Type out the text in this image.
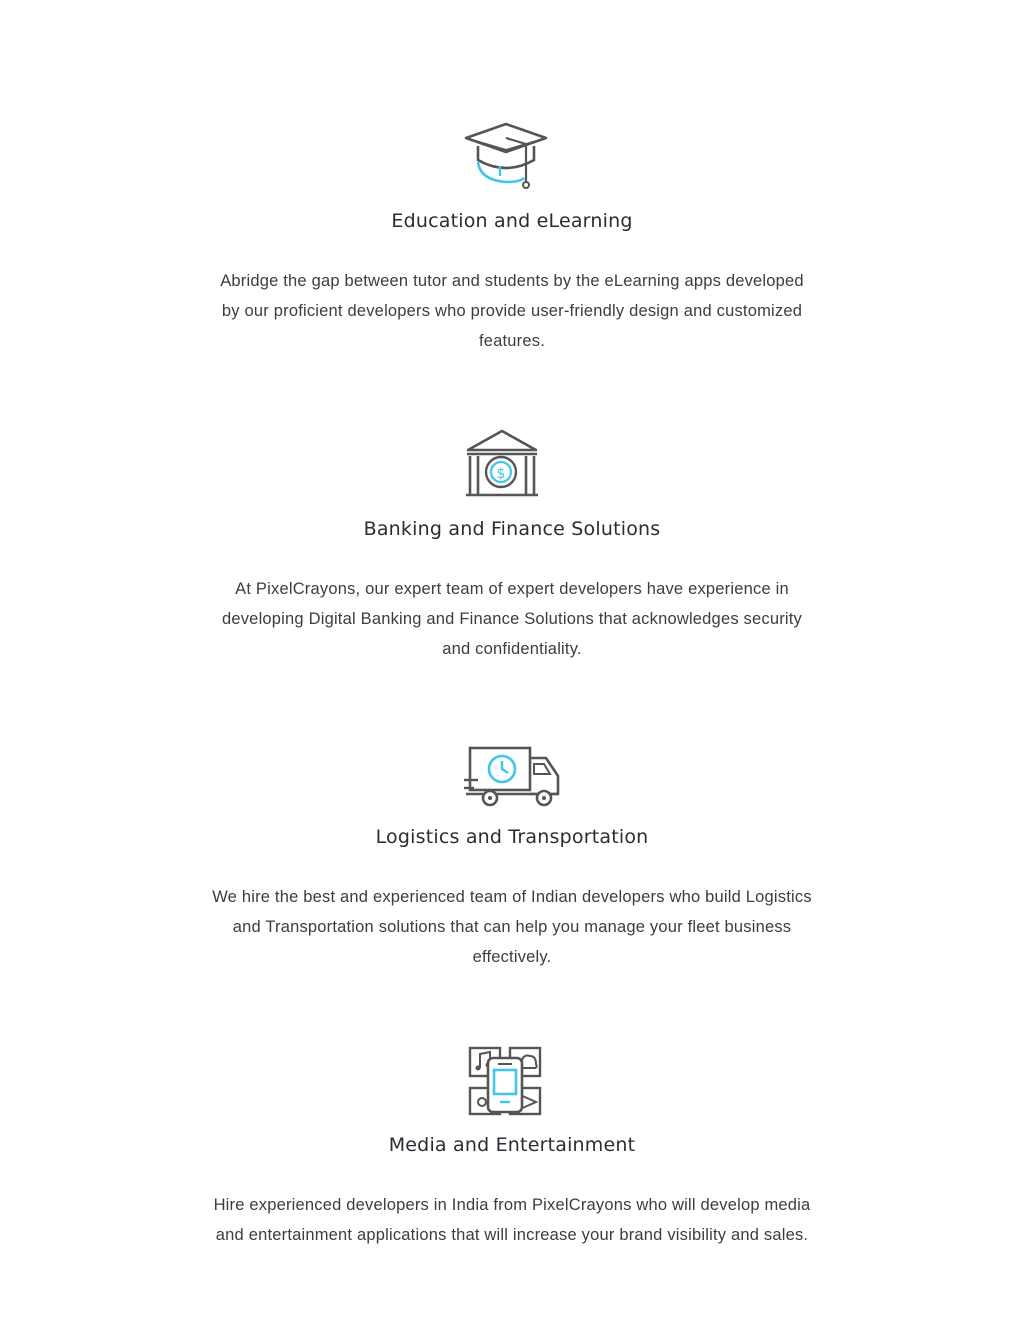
Education and eLearning

Abridge the gap between tutor and students by the eLearning apps developed by our proficient developers who provide user-friendly design and customized features.

$
Banking and Finance Solutions

At PixelCrayons, our expert team of expert developers have experience in developing Digital Banking and Finance Solutions that acknowledges security and confidentiality.

Logistics and Transportation

We hire the best and experienced team of Indian developers who build Logistics and Transportation solutions that can help you manage your fleet business effectively.

Media and Entertainment

Hire experienced developers in India from PixelCrayons who will develop media and entertainment applications that will increase your brand visibility and sales.
